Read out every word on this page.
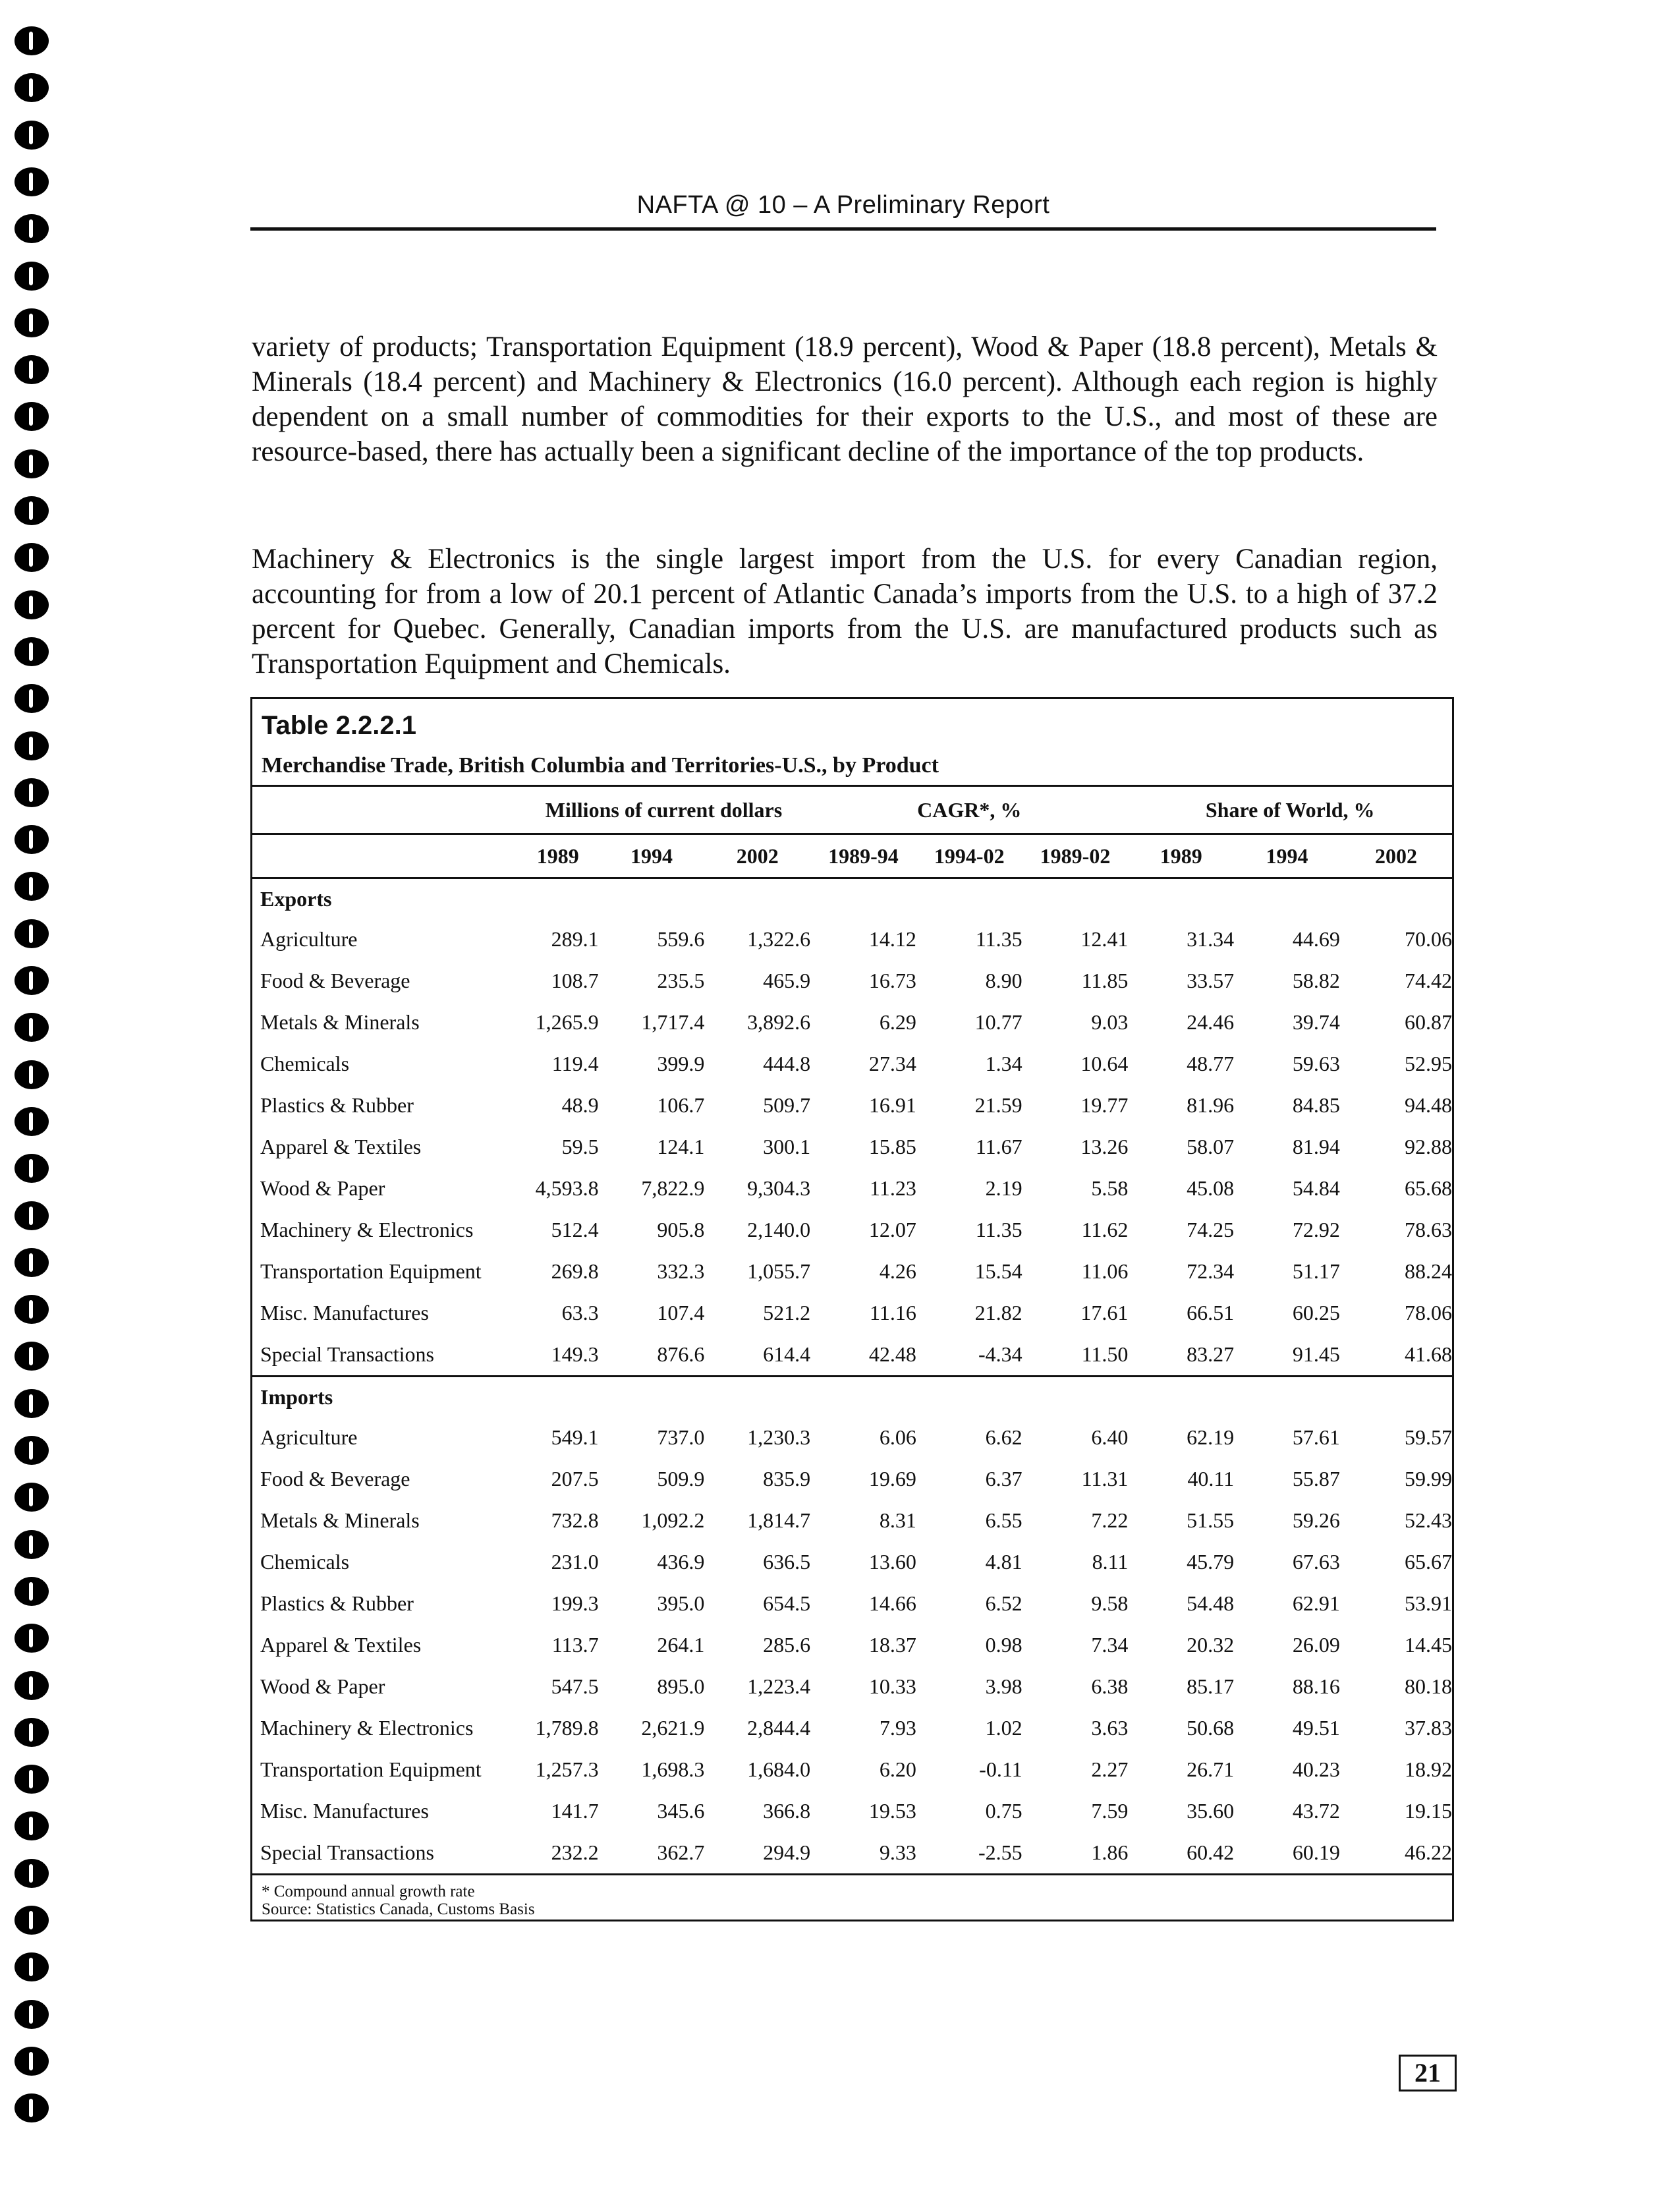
NAFTA @ 10 – A Preliminary Report

variety of products; Transportation Equipment (18.9 percent), Wood & Paper (18.8 percent), Metals & Minerals (18.4 percent) and Machinery & Electronics (16.0 percent). Although each region is highly dependent on a small number of commodities for their exports to the U.S., and most of these are resource-based, there has actually been a significant decline of the importance of the top products.

Machinery & Electronics is the single largest import from the U.S. for every Canadian region, accounting for from a low of 20.1 percent of Atlantic Canada’s imports from the U.S. to a high of 37.2 percent for Quebec. Generally, Canadian imports from the U.S. are manufactured products such as Transportation Equipment and Chemicals.

Table 2.2.2.1
Merchandise Trade, British Columbia and Territories-U.S., by Product
	Millions of current dollars			CAGR*, %			Share of World, %		
	1989	1994	2002	1989-94	1994-02	1989-02	1989	1994	2002
Exports									
Agriculture	289.1	559.6	1,322.6	14.12	11.35	12.41	31.34	44.69	70.06
Food & Beverage	108.7	235.5	465.9	16.73	8.90	11.85	33.57	58.82	74.42
Metals & Minerals	1,265.9	1,717.4	3,892.6	6.29	10.77	9.03	24.46	39.74	60.87
Chemicals	119.4	399.9	444.8	27.34	1.34	10.64	48.77	59.63	52.95
Plastics & Rubber	48.9	106.7	509.7	16.91	21.59	19.77	81.96	84.85	94.48
Apparel & Textiles	59.5	124.1	300.1	15.85	11.67	13.26	58.07	81.94	92.88
Wood & Paper	4,593.8	7,822.9	9,304.3	11.23	2.19	5.58	45.08	54.84	65.68
Machinery & Electronics	512.4	905.8	2,140.0	12.07	11.35	11.62	74.25	72.92	78.63
Transportation Equipment	269.8	332.3	1,055.7	4.26	15.54	11.06	72.34	51.17	88.24
Misc. Manufactures	63.3	107.4	521.2	11.16	21.82	17.61	66.51	60.25	78.06
Special Transactions	149.3	876.6	614.4	42.48	-4.34	11.50	83.27	91.45	41.68
Imports									
Agriculture	549.1	737.0	1,230.3	6.06	6.62	6.40	62.19	57.61	59.57
Food & Beverage	207.5	509.9	835.9	19.69	6.37	11.31	40.11	55.87	59.99
Metals & Minerals	732.8	1,092.2	1,814.7	8.31	6.55	7.22	51.55	59.26	52.43
Chemicals	231.0	436.9	636.5	13.60	4.81	8.11	45.79	67.63	65.67
Plastics & Rubber	199.3	395.0	654.5	14.66	6.52	9.58	54.48	62.91	53.91
Apparel & Textiles	113.7	264.1	285.6	18.37	0.98	7.34	20.32	26.09	14.45
Wood & Paper	547.5	895.0	1,223.4	10.33	3.98	6.38	85.17	88.16	80.18
Machinery & Electronics	1,789.8	2,621.9	2,844.4	7.93	1.02	3.63	50.68	49.51	37.83
Transportation Equipment	1,257.3	1,698.3	1,684.0	6.20	-0.11	2.27	26.71	40.23	18.92
Misc. Manufactures	141.7	345.6	366.8	19.53	0.75	7.59	35.60	43.72	19.15
Special Transactions	232.2	362.7	294.9	9.33	-2.55	1.86	60.42	60.19	46.22
* Compound annual growth rate
Source: Statistics Canada, Customs Basis
21
